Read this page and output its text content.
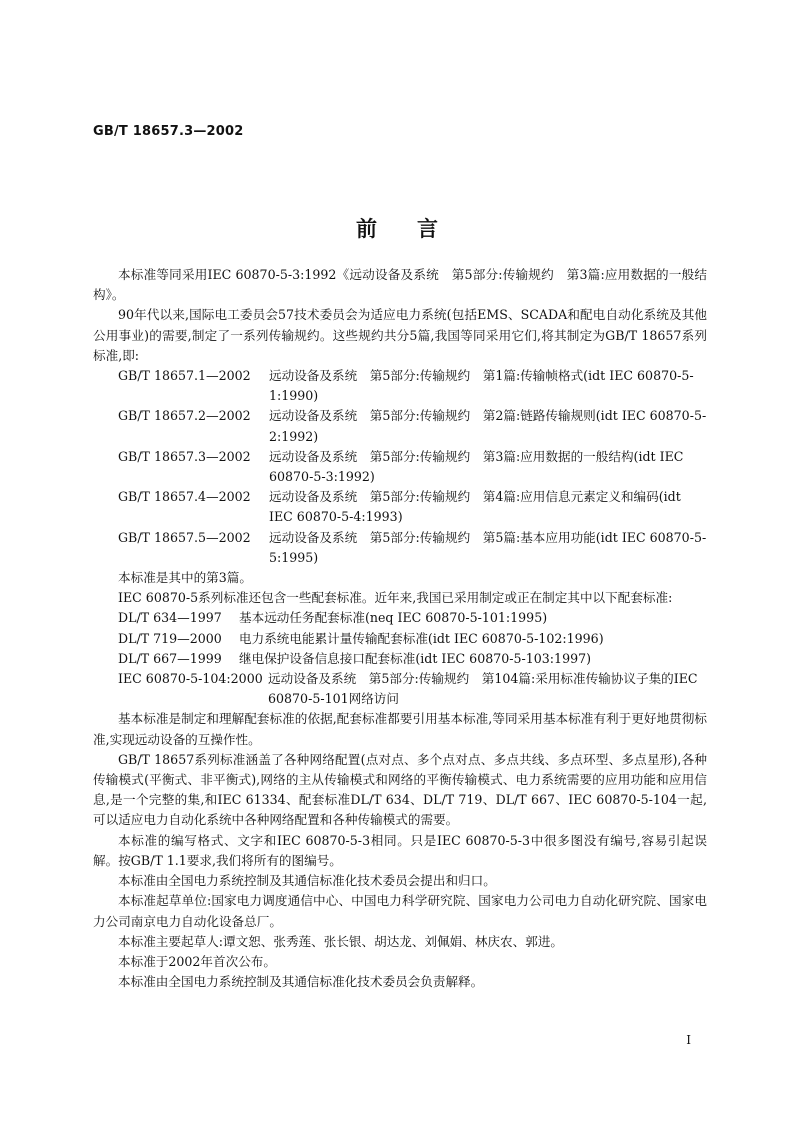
GB/T 18657.3—2002
前言

本标准等同采用IEC 60870-5-3:1992《远动设备及系统　第5部分:传输规约　第3篇:应用数据的一般结构》。

90年代以来,国际电工委员会57技术委员会为适应电力系统(包括EMS、SCADA和配电自动化系统及其他公用事业)的需要,制定了一系列传输规约。这些规约共分5篇,我国等同采用它们,将其制定为GB/T 18657系列标准,即:

GB/T 18657.1—2002	远动设备及系统　第5部分:传输规约　第1篇:传输帧格式(idt IEC 60870-5-1:1990)
GB/T 18657.2—2002	远动设备及系统　第5部分:传输规约　第2篇:链路传输规则(idt IEC 60870-5-2:1992)
GB/T 18657.3—2002	远动设备及系统　第5部分:传输规约　第3篇:应用数据的一般结构(idt IEC 60870-5-3:1992)
GB/T 18657.4—2002	远动设备及系统　第5部分:传输规约　第4篇:应用信息元素定义和编码(idt IEC 60870-5-4:1993)
GB/T 18657.5—2002	远动设备及系统　第5部分:传输规约　第5篇:基本应用功能(idt IEC 60870-5-5:1995)

本标准是其中的第3篇。

IEC 60870-5系列标准还包含一些配套标准。近年来,我国已采用制定或正在制定其中以下配套标准:

DL/T 634—1997	基本远动任务配套标准(neq IEC 60870-5-101:1995)
DL/T 719—2000	电力系统电能累计量传输配套标准(idt IEC 60870-5-102:1996)
DL/T 667—1999	继电保护设备信息接口配套标准(idt IEC 60870-5-103:1997)
IEC 60870-5-104:2000 远动设备及系统　第5部分:传输规约　第104篇:采用标准传输协议子集的IEC 60870-5-101网络访问

基本标准是制定和理解配套标准的依据,配套标准都要引用基本标准,等同采用基本标准有利于更好地贯彻标准,实现远动设备的互操作性。

GB/T 18657系列标准涵盖了各种网络配置(点对点、多个点对点、多点共线、多点环型、多点星形),各种传输模式(平衡式、非平衡式),网络的主从传输模式和网络的平衡传输模式、电力系统需要的应用功能和应用信息,是一个完整的集,和IEC 61334、配套标准DL/T 634、DL/T 719、DL/T 667、IEC 60870-5-104一起,可以适应电力自动化系统中各种网络配置和各种传输模式的需要。

本标准的编写格式、文字和IEC 60870-5-3相同。只是IEC 60870-5-3中很多图没有编号,容易引起误解。按GB/T 1.1要求,我们将所有的图编号。

本标准由全国电力系统控制及其通信标准化技术委员会提出和归口。

本标准起草单位:国家电力调度通信中心、中国电力科学研究院、国家电力公司电力自动化研究院、国家电力公司南京电力自动化设备总厂。

本标准主要起草人:谭文恕、张秀莲、张长银、胡达龙、刘佩娟、林庆农、郭进。

本标准于2002年首次公布。

本标准由全国电力系统控制及其通信标准化技术委员会负责解释。

I
